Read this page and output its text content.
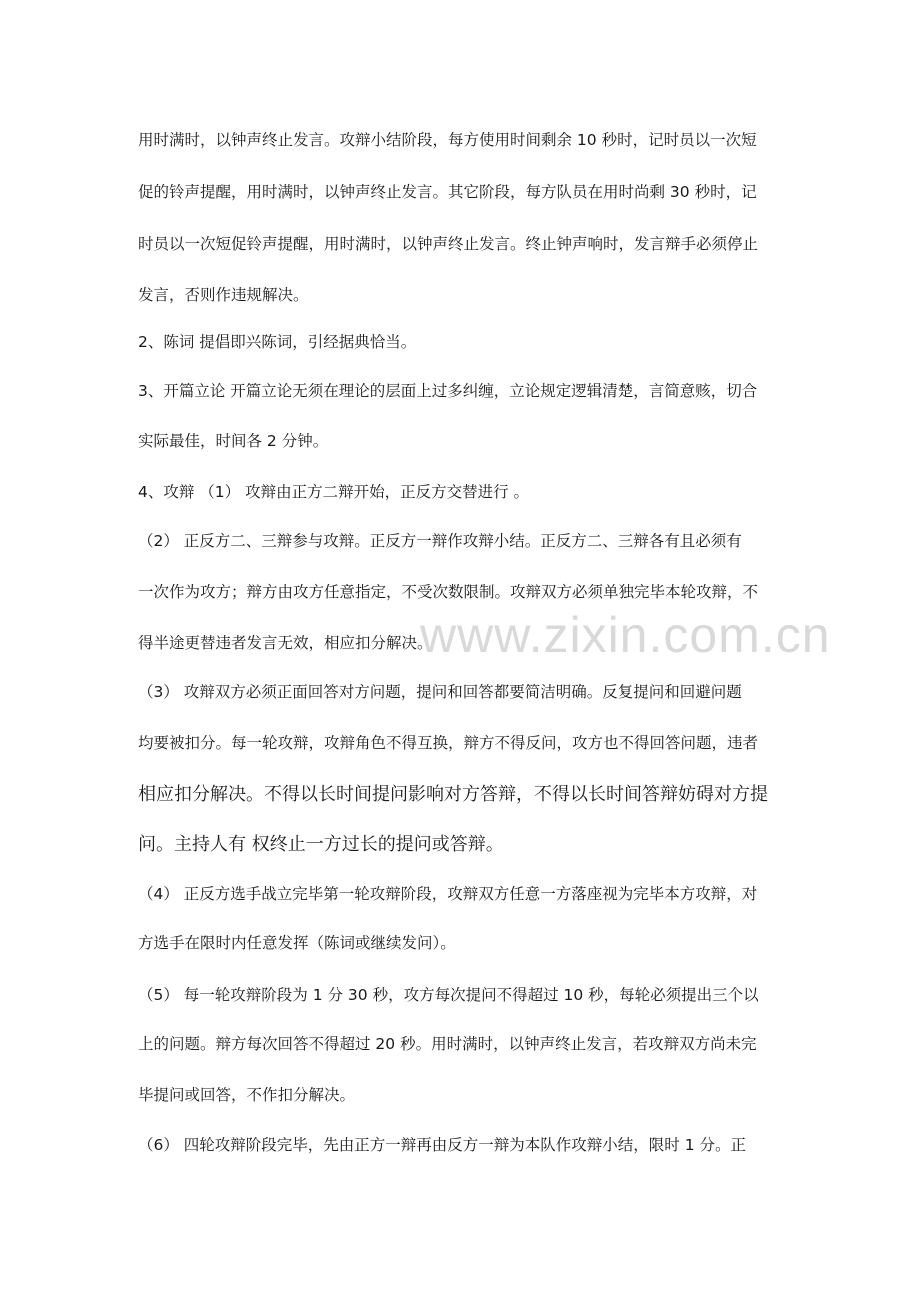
用时满时，以钟声终止发言。攻辩小结阶段，每方使用时间剩余 10 秒时，记时员以一次短
促的铃声提醒，用时满时，以钟声终止发言。其它阶段，每方队员在用时尚剩 30 秒时，记
时员以一次短促铃声提醒，用时满时，以钟声终止发言。终止钟声响时，发言辩手必须停止
发言，否则作违规解决。
2、陈词 提倡即兴陈词，引经据典恰当。
3、开篇立论 开篇立论无须在理论的层面上过多纠缠，立论规定逻辑清楚，言简意赅，切合
实际最佳，时间各 2 分钟。
4、攻辩 （1） 攻辩由正方二辩开始，正反方交替进行 。
（2） 正反方二、三辩参与攻辩。正反方一辩作攻辩小结。正反方二、三辩各有且必须有
一次作为攻方；辩方由攻方任意指定，不受次数限制。攻辩双方必须单独完毕本轮攻辩，不
得半途更替违者发言无效，相应扣分解决。
（3） 攻辩双方必须正面回答对方问题，提问和回答都要简洁明确。反复提问和回避问题
均要被扣分。每一轮攻辩，攻辩角色不得互换，辩方不得反问，攻方也不得回答问题，违者
相应扣分解决。不得以长时间提问影响对方答辩，不得以长时间答辩妨碍对方提
问。主持人有 权终止一方过长的提问或答辩。
（4） 正反方选手战立完毕第一轮攻辩阶段，攻辩双方任意一方落座视为完毕本方攻辩，对
方选手在限时内任意发挥（陈词或继续发问）。
（5） 每一轮攻辩阶段为 1 分 30 秒，攻方每次提问不得超过 10 秒，每轮必须提出三个以
上的问题。辩方每次回答不得超过 20 秒。用时满时，以钟声终止发言，若攻辩双方尚未完
毕提问或回答，不作扣分解决。
（6） 四轮攻辩阶段完毕，先由正方一辩再由反方一辩为本队作攻辩小结，限时 1 分。正
www.zixin.com.cn
